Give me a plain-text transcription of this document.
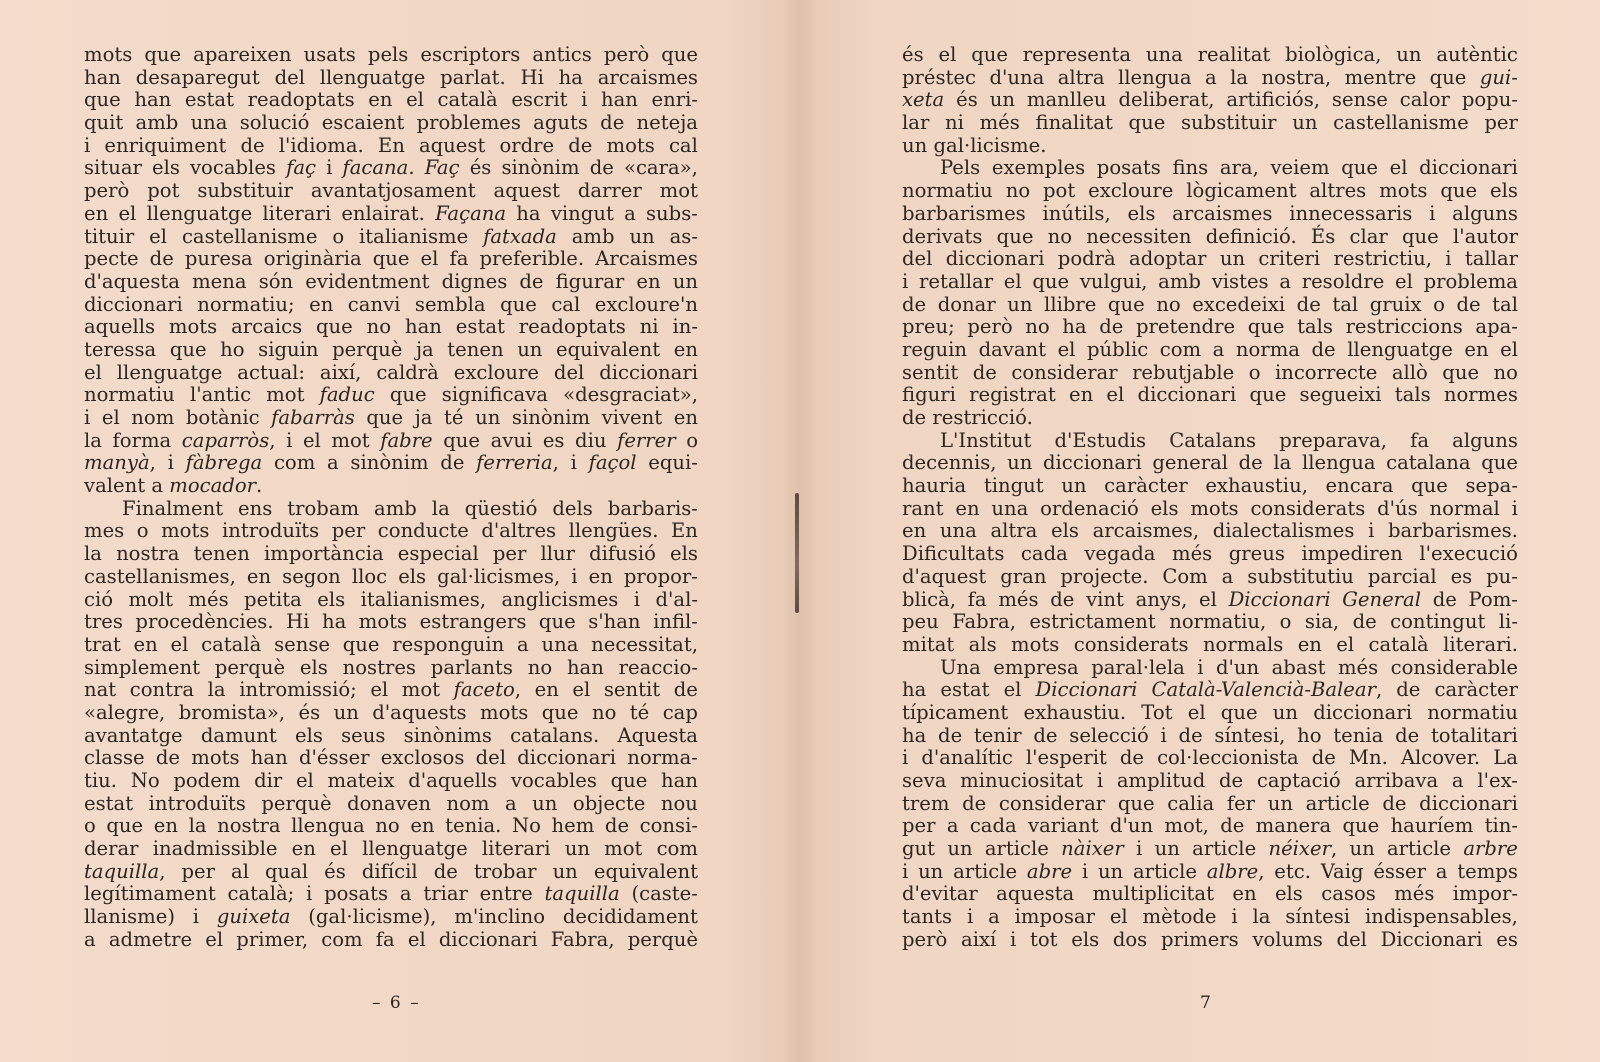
mots que apareixen usats pels escriptors antics però que
han desaparegut del llenguatge parlat. Hi ha arcaismes
que han estat readoptats en el català escrit i han enri-
quit amb una solució escaient problemes aguts de neteja
i enriquiment de l'idioma. En aquest ordre de mots cal
situar els vocables faç i facana. Faç és sinònim de «cara»,
però pot substituir avantatjosament aquest darrer mot
en el llenguatge literari enlairat. Façana ha vingut a subs-
tituir el castellanisme o italianisme fatxada amb un as-
pecte de puresa originària que el fa preferible. Arcaismes
d'aquesta mena són evidentment dignes de figurar en un
diccionari normatiu; en canvi sembla que cal excloure'n
aquells mots arcaics que no han estat readoptats ni in-
teressa que ho siguin perquè ja tenen un equivalent en
el llenguatge actual: així, caldrà excloure del diccionari
normatiu l'antic mot faduc que significava «desgraciat»,
i el nom botànic fabarràs que ja té un sinònim vivent en
la forma caparròs, i el mot fabre que avui es diu ferrer o
manyà, i fàbrega com a sinònim de ferreria, i façol equi-
valent a mocador.
Finalment ens trobam amb la qüestió dels barbaris-
mes o mots introduïts per conducte d'altres llengües. En
la nostra tenen importància especial per llur difusió els
castellanismes, en segon lloc els gal·licismes, i en propor-
ció molt més petita els italianismes, anglicismes i d'al-
tres procedències. Hi ha mots estrangers que s'han infil-
trat en el català sense que responguin a una necessitat,
simplement perquè els nostres parlants no han reaccio-
nat contra la intromissió; el mot faceto, en el sentit de
«alegre, bromista», és un d'aquests mots que no té cap
avantatge damunt els seus sinònims catalans. Aquesta
classe de mots han d'ésser exclosos del diccionari norma-
tiu. No podem dir el mateix d'aquells vocables que han
estat introduïts perquè donaven nom a un objecte nou
o que en la nostra llengua no en tenia. No hem de consi-
derar inadmissible en el llenguatge literari un mot com
taquilla, per al qual és difícil de trobar un equivalent
legítimament català; i posats a triar entre taquilla (caste-
llanisme) i guixeta (gal·licisme), m'inclino decididament
a admetre el primer, com fa el diccionari Fabra, perquè
és el que representa una realitat biològica, un autèntic
préstec d'una altra llengua a la nostra, mentre que gui-
xeta és un manlleu deliberat, artificiós, sense calor popu-
lar ni més finalitat que substituir un castellanisme per
un gal·licisme.
Pels exemples posats fins ara, veiem que el diccionari
normatiu no pot excloure lògicament altres mots que els
barbarismes inútils, els arcaismes innecessaris i alguns
derivats que no necessiten definició. És clar que l'autor
del diccionari podrà adoptar un criteri restrictiu, i tallar
i retallar el que vulgui, amb vistes a resoldre el problema
de donar un llibre que no excedeixi de tal gruix o de tal
preu; però no ha de pretendre que tals restriccions apa-
reguin davant el públic com a norma de llenguatge en el
sentit de considerar rebutjable o incorrecte allò que no
figuri registrat en el diccionari que segueixi tals normes
de restricció.
L'Institut d'Estudis Catalans preparava, fa alguns
decennis, un diccionari general de la llengua catalana que
hauria tingut un caràcter exhaustiu, encara que sepa-
rant en una ordenació els mots considerats d'ús normal i
en una altra els arcaismes, dialectalismes i barbarismes.
Dificultats cada vegada més greus impediren l'execució
d'aquest gran projecte. Com a substitutiu parcial es pu-
blicà, fa més de vint anys, el Diccionari General de Pom-
peu Fabra, estrictament normatiu, o sia, de contingut li-
mitat als mots considerats normals en el català literari.
Una empresa paral·lela i d'un abast més considerable
ha estat el Diccionari Català-Valencià-Balear, de caràcter
típicament exhaustiu. Tot el que un diccionari normatiu
ha de tenir de selecció i de síntesi, ho tenia de totalitari
i d'analític l'esperit de col·leccionista de Mn. Alcover. La
seva minuciositat i amplitud de captació arribava a l'ex-
trem de considerar que calia fer un article de diccionari
per a cada variant d'un mot, de manera que hauríem tin-
gut un article nàixer i un article néixer, un article arbre
i un article abre i un article albre, etc. Vaig ésser a temps
d'evitar aquesta multiplicitat en els casos més impor-
tants i a imposar el mètode i la síntesi indispensables,
però així i tot els dos primers volums del Diccionari es
– 6 –	7
